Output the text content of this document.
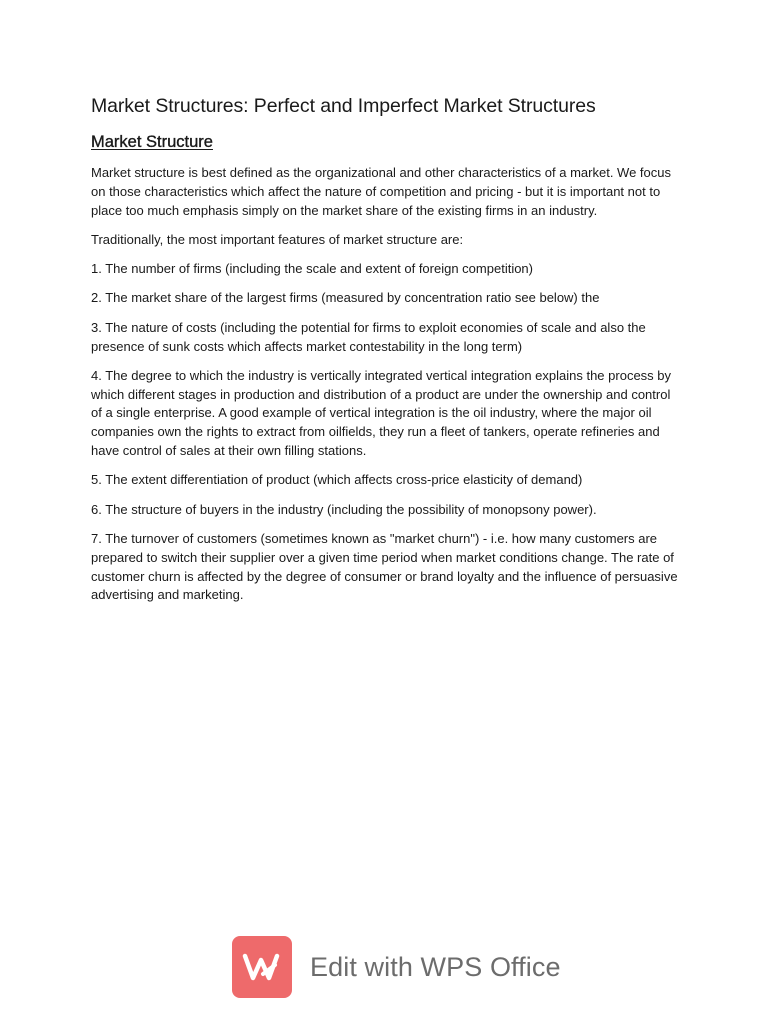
Market Structures: Perfect and Imperfect Market Structures
Market Structure

Market structure is best defined as the organizational and other characteristics of a market. We focus on those characteristics which affect the nature of competition and pricing - but it is important not to place too much emphasis simply on the market share of the existing firms in an industry.

Traditionally, the most important features of market structure are:

1. The number of firms (including the scale and extent of foreign competition)

2. The market share of the largest firms (measured by concentration ratio see below) the

3. The nature of costs (including the potential for firms to exploit economies of scale and also the presence of sunk costs which affects market contestability in the long term)

4. The degree to which the industry is vertically integrated vertical integration explains the process by which different stages in production and distribution of a product are under the ownership and control of a single enterprise. A good example of vertical integration is the oil industry, where the major oil companies own the rights to extract from oilfields, they run a fleet of tankers, operate refineries and have control of sales at their own filling stations.

5. The extent differentiation of product (which affects cross-price elasticity of demand)

6. The structure of buyers in the industry (including the possibility of monopsony power).

7. The turnover of customers (sometimes known as "market churn") - i.e. how many customers are prepared to switch their supplier over a given time period when market conditions change. The rate of customer churn is affected by the degree of consumer or brand loyalty and the influence of persuasive advertising and marketing.

Edit with WPS Office
